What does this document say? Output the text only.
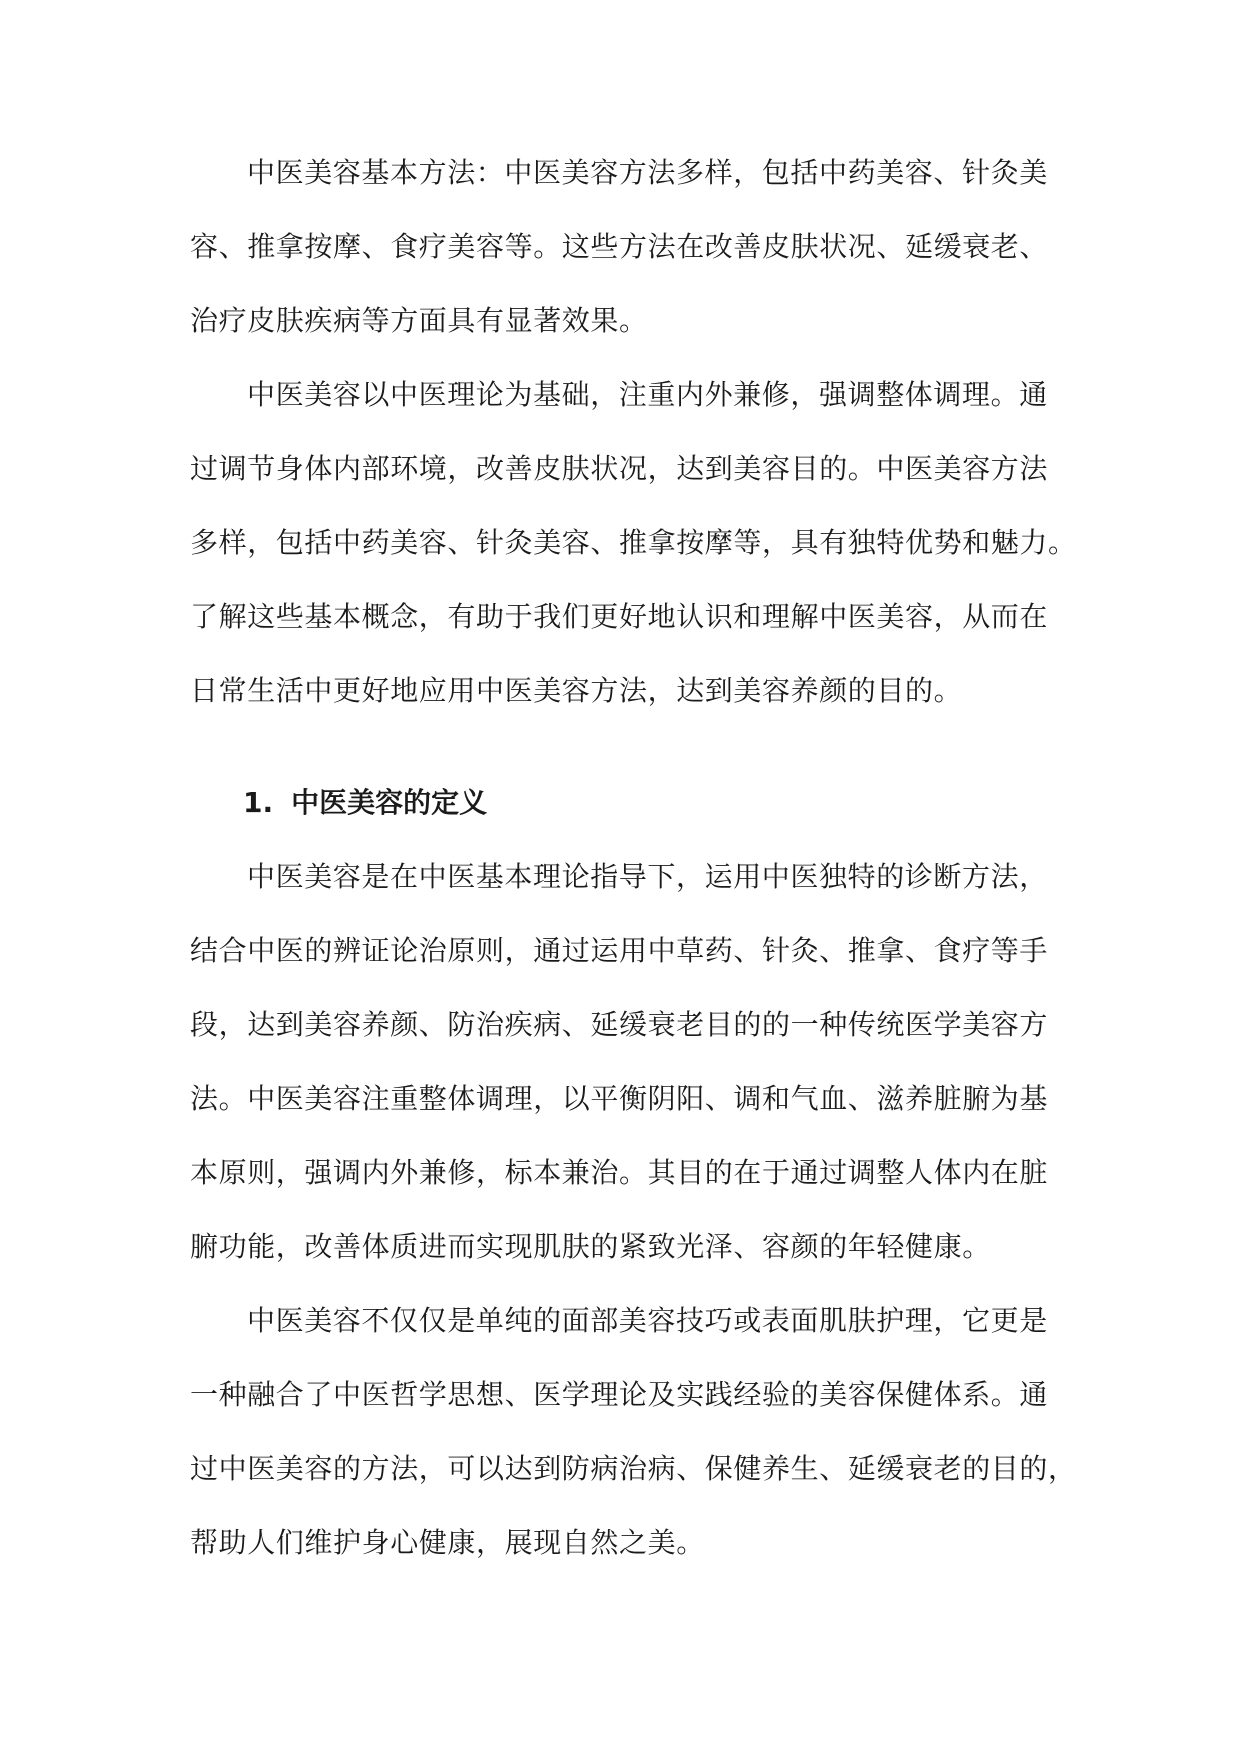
中医美容基本方法：中医美容方法多样，包括中药美容、针灸美
容、推拿按摩、食疗美容等。这些方法在改善皮肤状况、延缓衰老、
治疗皮肤疾病等方面具有显著效果。
中医美容以中医理论为基础，注重内外兼修，强调整体调理。通
过调节身体内部环境，改善皮肤状况，达到美容目的。中医美容方法
多样，包括中药美容、针灸美容、推拿按摩等，具有独特优势和魅力。
了解这些基本概念，有助于我们更好地认识和理解中医美容，从而在
日常生活中更好地应用中医美容方法，达到美容养颜的目的。
1. 中医美容的定义
中医美容是在中医基本理论指导下，运用中医独特的诊断方法，
结合中医的辨证论治原则，通过运用中草药、针灸、推拿、食疗等手
段，达到美容养颜、防治疾病、延缓衰老目的的一种传统医学美容方
法。中医美容注重整体调理，以平衡阴阳、调和气血、滋养脏腑为基
本原则，强调内外兼修，标本兼治。其目的在于通过调整人体内在脏
腑功能，改善体质进而实现肌肤的紧致光泽、容颜的年轻健康。
中医美容不仅仅是单纯的面部美容技巧或表面肌肤护理，它更是
一种融合了中医哲学思想、医学理论及实践经验的美容保健体系。通
过中医美容的方法，可以达到防病治病、保健养生、延缓衰老的目的，
帮助人们维护身心健康，展现自然之美。
